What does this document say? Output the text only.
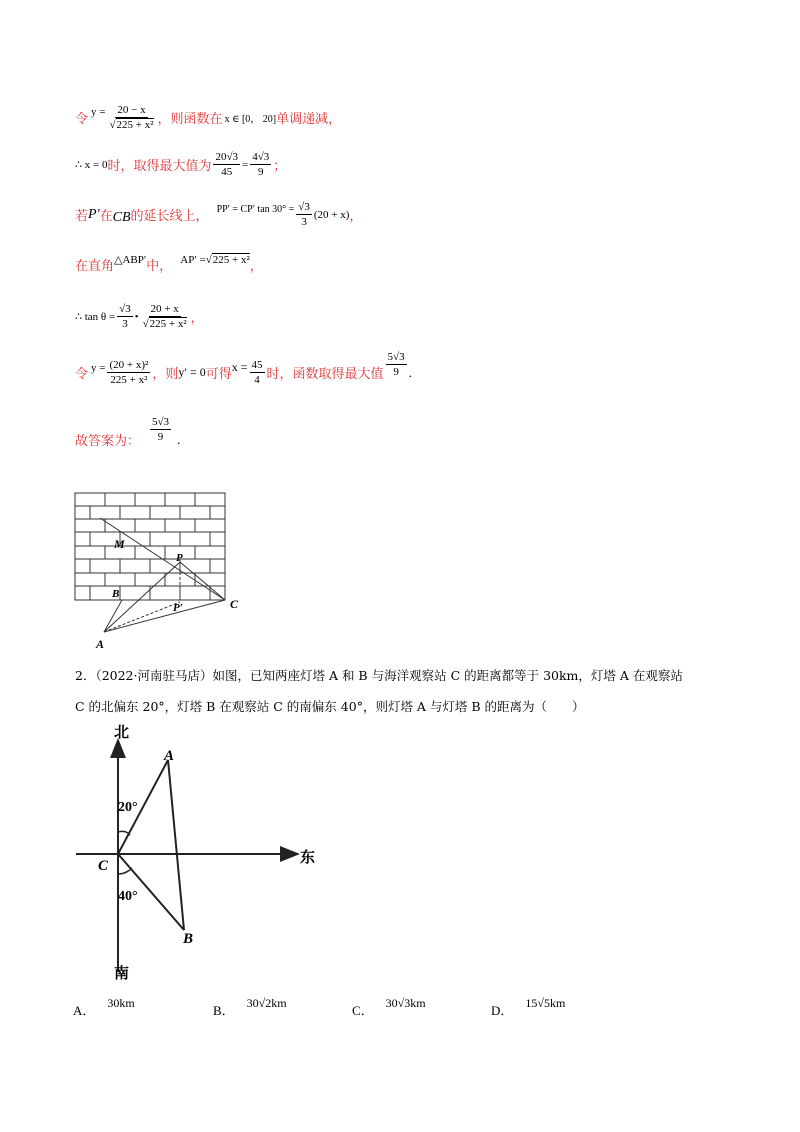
令
$y = \frac{20 - x}{\text{√225 + x²}}$ ，则函数在 x ∈ [0， 20] 单调递减，
∴ x = 0 时，取得最大值为 $\frac{20√3}{45} = \frac{4√3}{9}$ ；
若 P′ 在 CB 的延长线上， PP′ = CP′ $\tan 30^\circ = \frac{√3}{3} (20 + x)$ ，
在直角 △ABP′ 中， AP′ =√225 + x² ，
∴ $\tan \theta = \frac{√3}{3}$ • $\frac{20 + x}{\text{√225 + x²}}$ ，
令 $y = \frac{\text{(20 + x)²}}{\text{225 + x²}}$ ，则 y′ = 0 可得 $x = \frac{45}{4}$ 时，函数取得最大值 $\frac{5√3}{9}$ .
故答案为： $\frac{5√3}{9}$ .
M
P
B
P′	C
A
2．（2022·河南驻马店）如图，已知两座灯塔 A 和 B 与海洋观察站 C 的距离都等于 30km，灯塔 A 在观察站
C 的北偏东 20°，灯塔 B 在观察站 C 的南偏东 40°，则灯塔 A 与灯塔 B 的距离为（　　）
北
南
东
A
B
C
20°
40°
A． 30km	B． 30√2km	C． 30√3km	D． 15√5km
